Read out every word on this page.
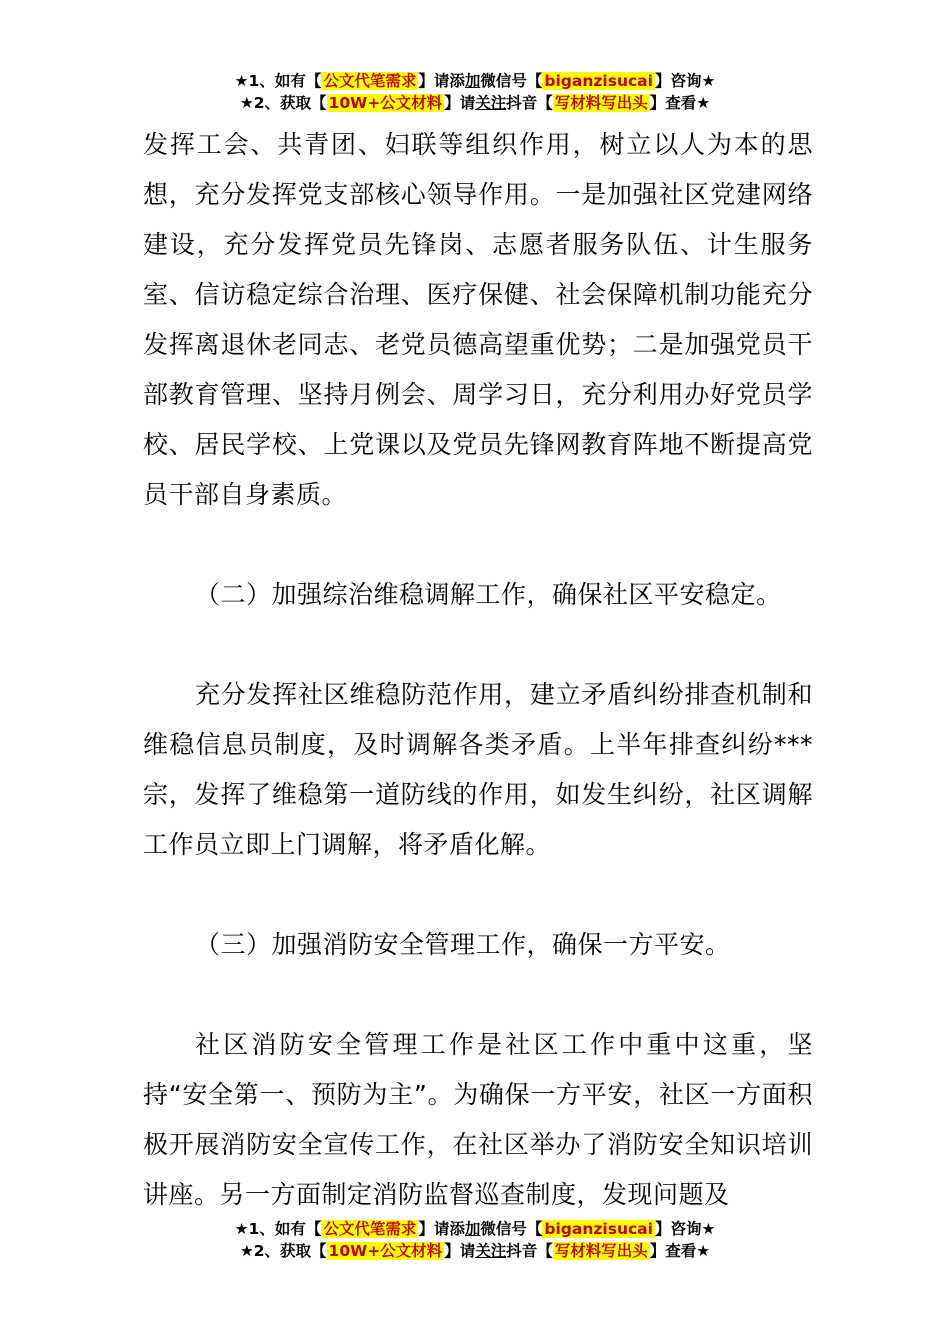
★1、如有【 公文代笔需求 】请添加微信号【 biganzisucai 】咨询★
★2、获取【 10W+公文材料 】请关注抖音【 写材料写出头 】查看★

发挥工会、共青团、妇联等组织作用，树立以人为本的思想，充分发挥党支部核心领导作用。一是加强社区党建网络建设，充分发挥党员先锋岗、志愿者服务队伍、计生服务室、信访稳定综合治理、医疗保健、社会保障机制功能充分发挥离退休老同志、老党员德高望重优势；二是加强党员干部教育管理、坚持月例会、周学习日，充分利用办好党员学校、居民学校、上党课以及党员先锋网教育阵地不断提高党员干部自身素质。

（二）加强综治维稳调解工作，确保社区平安稳定。

充分发挥社区维稳防范作用，建立矛盾纠纷排查机制和维稳信息员制度，及时调解各类矛盾。上半年排查纠纷***宗，发挥了维稳第一道防线的作用，如发生纠纷，社区调解工作员立即上门调解，将矛盾化解。

（三）加强消防安全管理工作，确保一方平安。

社区消防安全管理工作是社区工作中重中这重，坚持“安全第一、预防为主”。为确保一方平安，社区一方面积极开展消防安全宣传工作，在社区举办了消防安全知识培训讲座。另一方面制定消防监督巡查制度，发现问题及

★1、如有【 公文代笔需求 】请添加微信号【 biganzisucai 】咨询★
★2、获取【 10W+公文材料 】请关注抖音【 写材料写出头 】查看★
